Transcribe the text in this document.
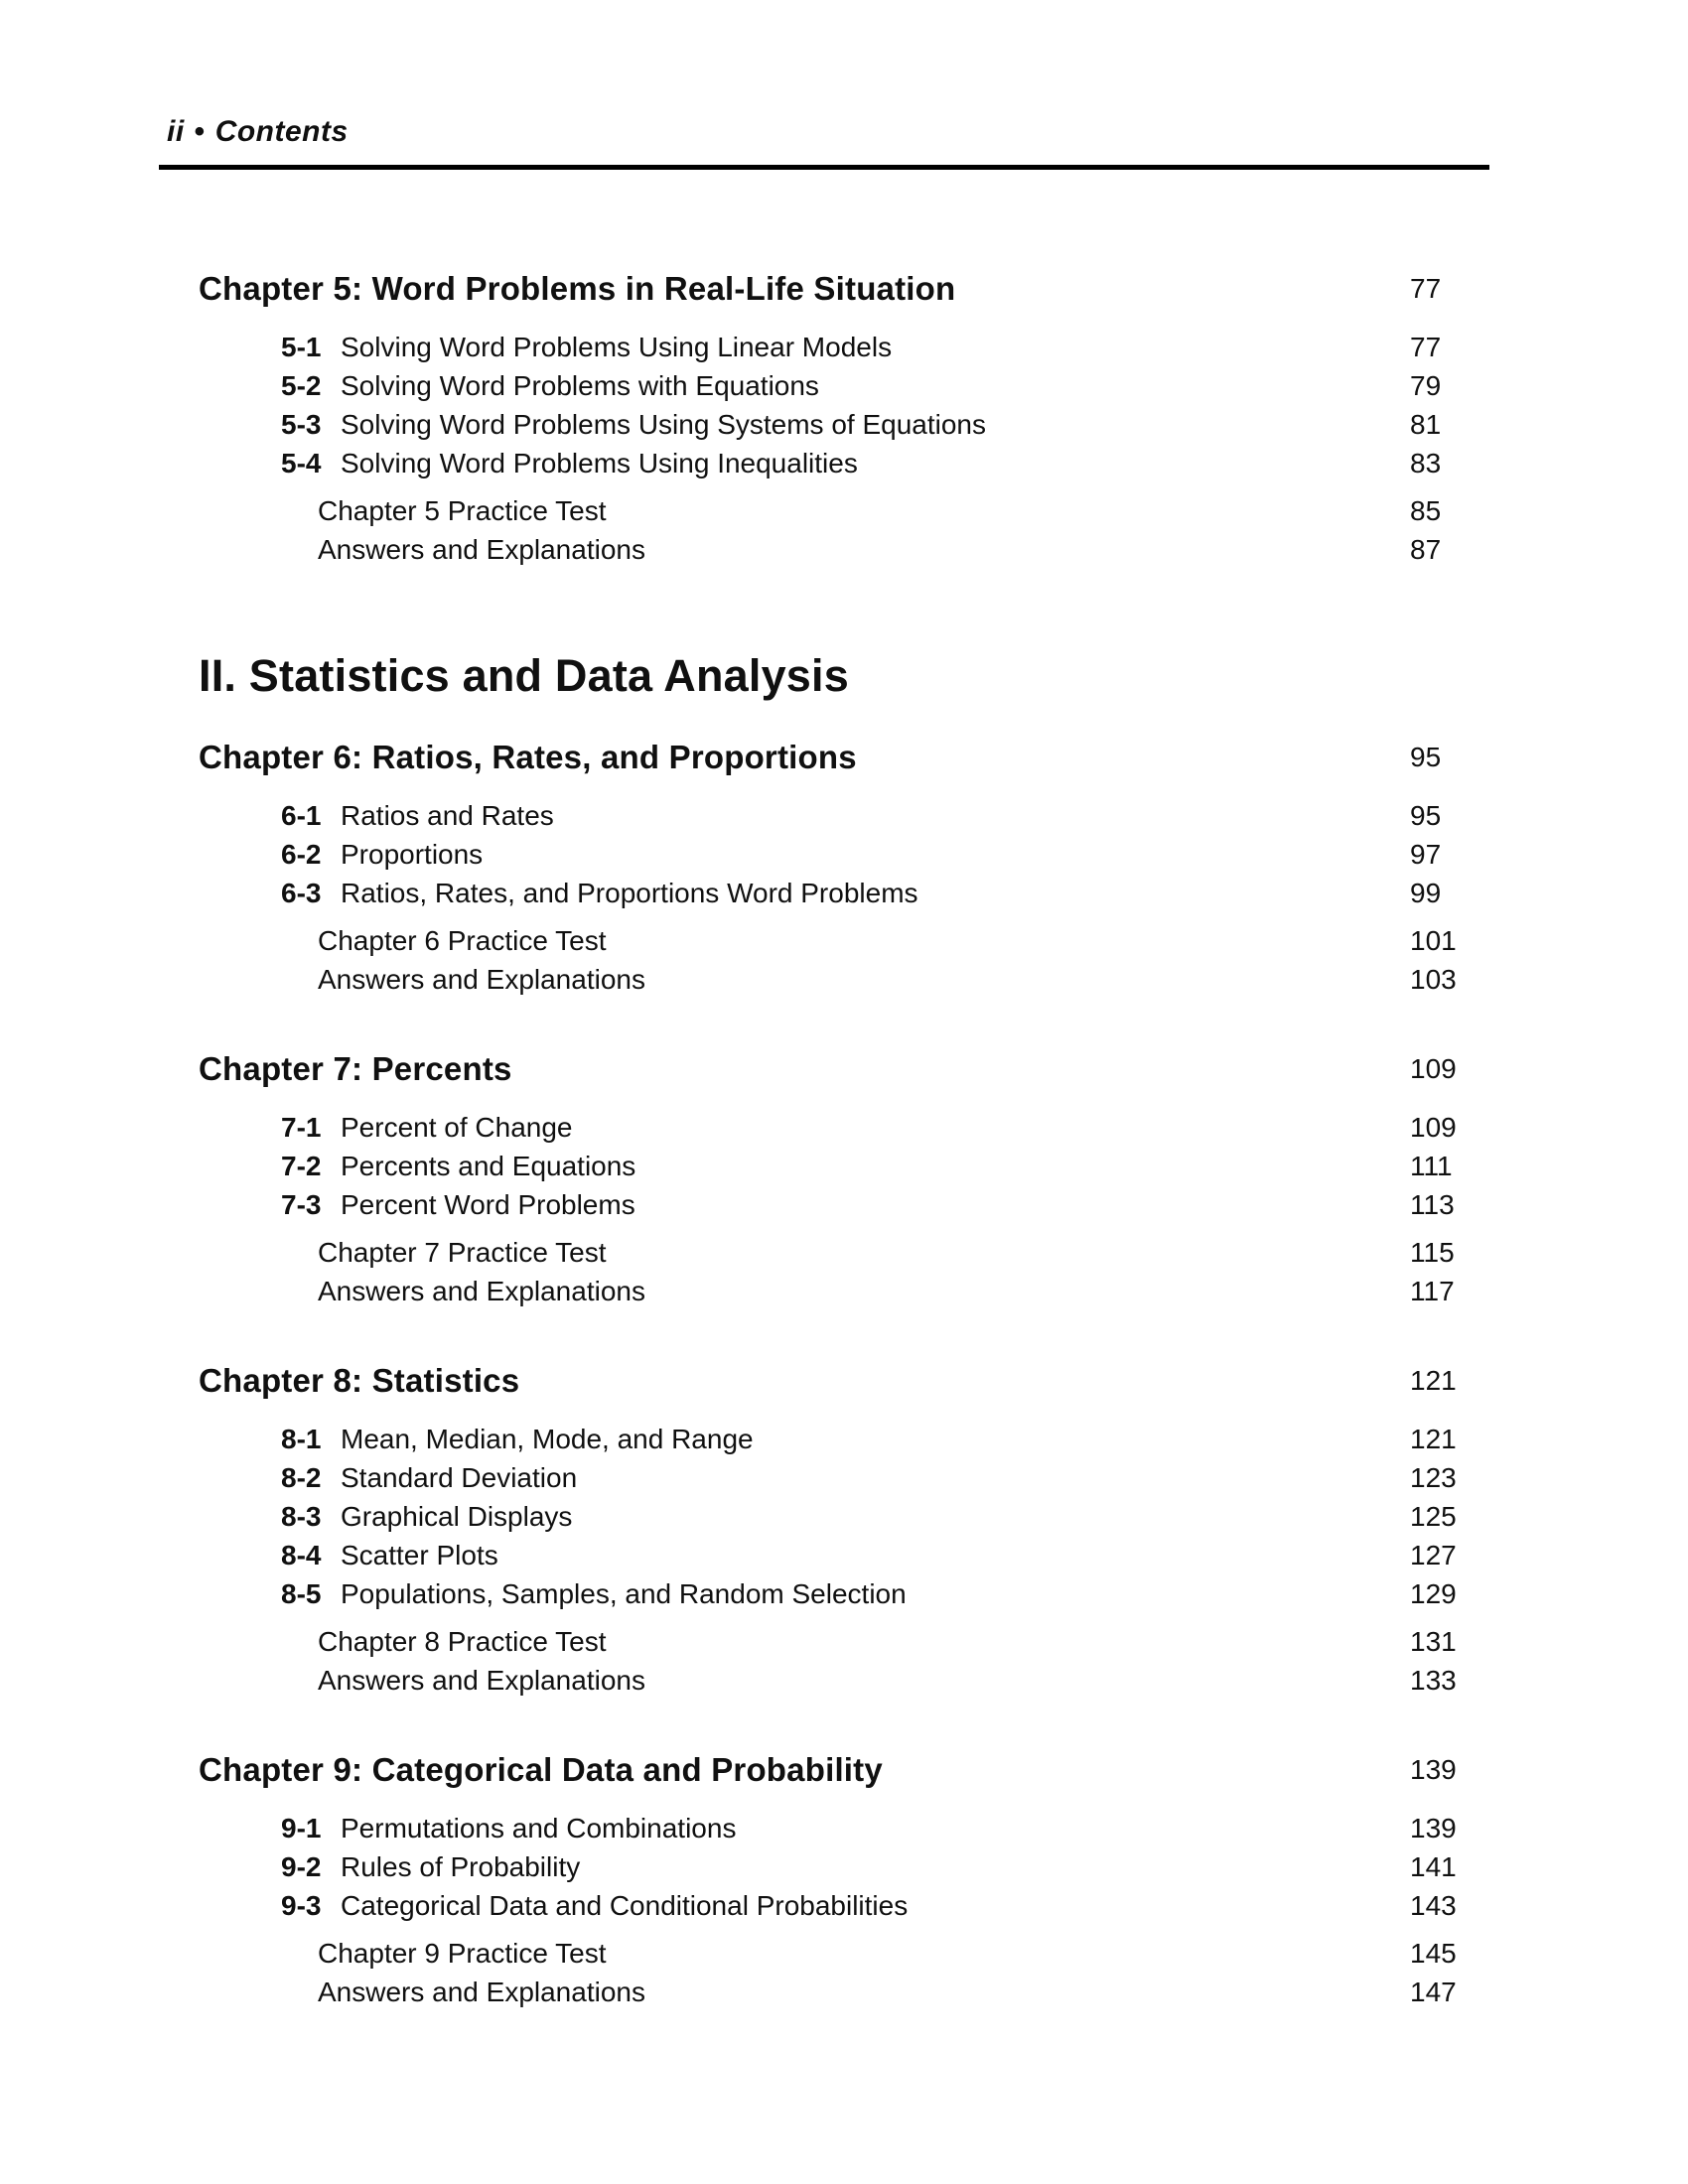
ii • Contents
Chapter 5: Word Problems in Real-Life Situation	77
5-1 Solving Word Problems Using Linear Models	77
5-2 Solving Word Problems with Equations	79
5-3 Solving Word Problems Using Systems of Equations	81
5-4 Solving Word Problems Using Inequalities	83
Chapter 5 Practice Test	85
Answers and Explanations	87
II. Statistics and Data Analysis
Chapter 6: Ratios, Rates, and Proportions	95
6-1 Ratios and Rates	95
6-2 Proportions	97
6-3 Ratios, Rates, and Proportions Word Problems	99
Chapter 6 Practice Test	101
Answers and Explanations	103
Chapter 7: Percents	109
7-1 Percent of Change	109
7-2 Percents and Equations	111
7-3 Percent Word Problems	113
Chapter 7 Practice Test	115
Answers and Explanations	117
Chapter 8: Statistics	121
8-1 Mean, Median, Mode, and Range	121
8-2 Standard Deviation	123
8-3 Graphical Displays	125
8-4 Scatter Plots	127
8-5 Populations, Samples, and Random Selection	129
Chapter 8 Practice Test	131
Answers and Explanations	133
Chapter 9: Categorical Data and Probability	139
9-1 Permutations and Combinations	139
9-2 Rules of Probability	141
9-3 Categorical Data and Conditional Probabilities	143
Chapter 9 Practice Test	145
Answers and Explanations	147
